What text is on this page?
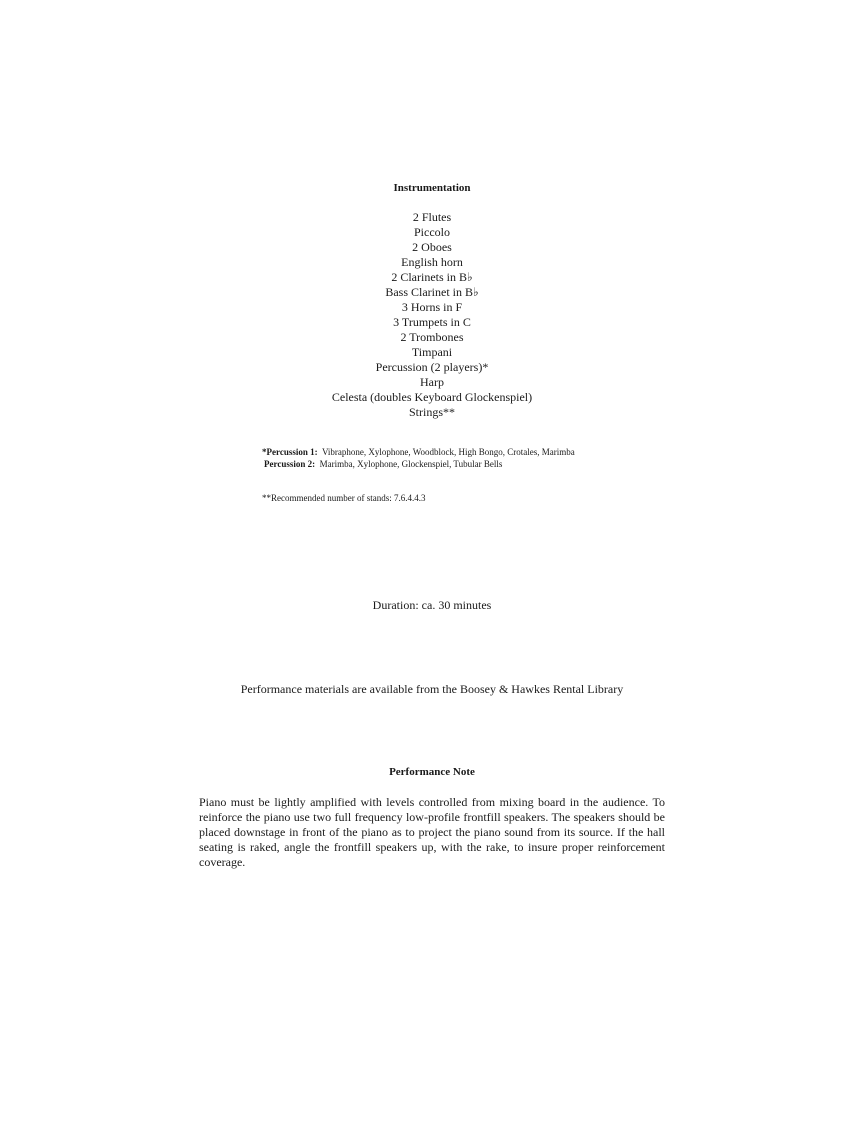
Instrumentation
2 Flutes
Piccolo
2 Oboes
English horn
2 Clarinets in B♭
Bass Clarinet in B♭
3 Horns in F
3 Trumpets in C
2 Trombones
Timpani
Percussion (2 players)*
Harp
Celesta (doubles Keyboard Glockenspiel)
Strings**
*Percussion 1: Vibraphone, Xylophone, Woodblock, High Bongo, Crotales, Marimba
Percussion 2: Marimba, Xylophone, Glockenspiel, Tubular Bells
**Recommended number of stands: 7.6.4.4.3
Duration: ca. 30 minutes
Performance materials are available from the Boosey & Hawkes Rental Library
Performance Note

Piano must be lightly amplified with levels controlled from mixing board in the audience. To reinforce the piano use two full frequency low-profile frontfill speakers. The speakers should be placed downstage in front of the piano as to project the piano sound from its source. If the hall seating is raked, angle the frontfill speakers up, with the rake, to insure proper reinforcement coverage.
